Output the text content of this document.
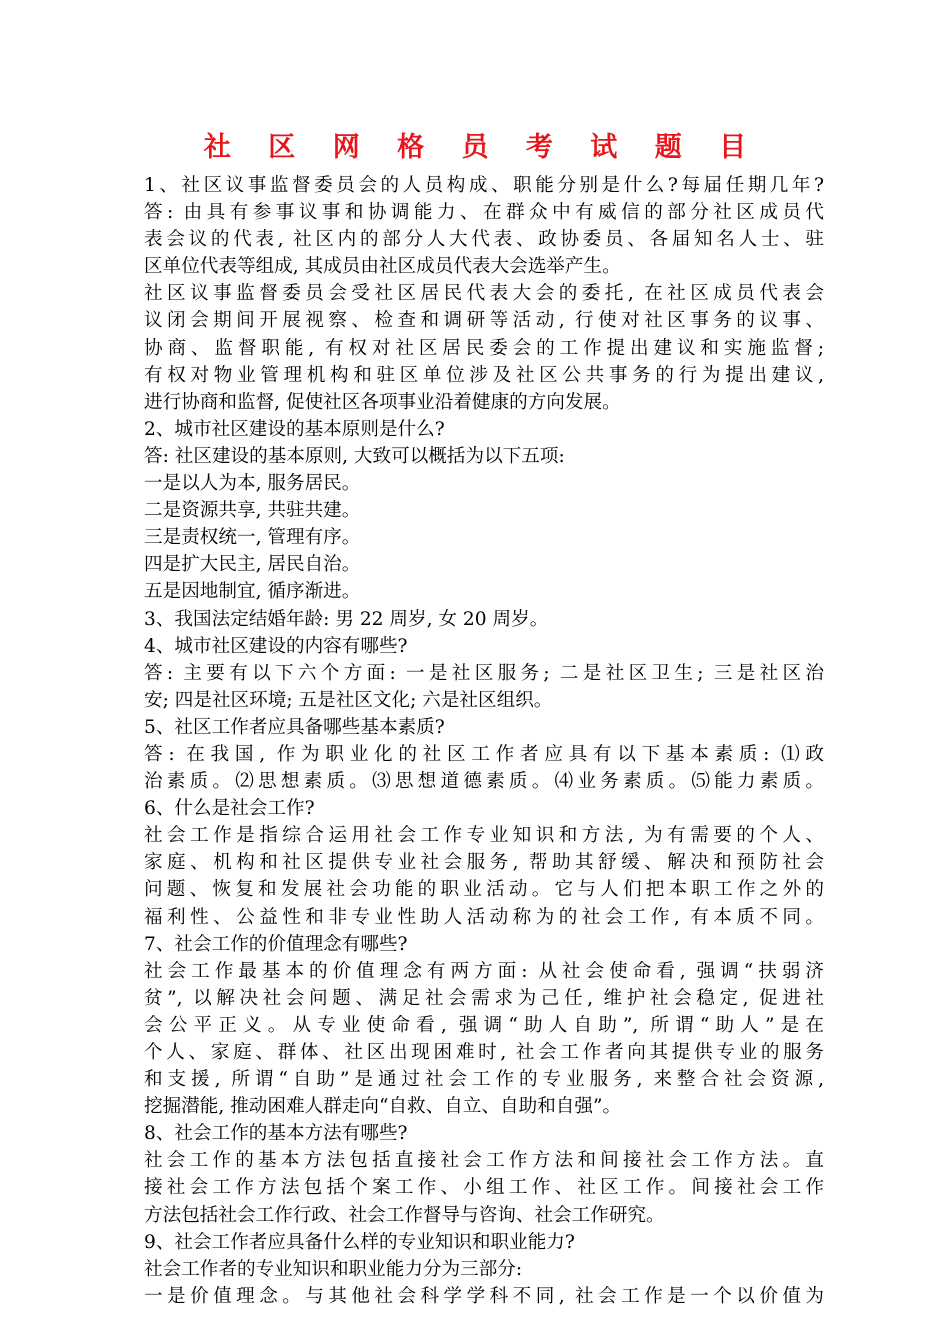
社 区 网 格 员 考 试 题 目
1、社区议事监督委员会的人员构成、职能分别是什么?每届任期几年?
答: 由具有参事议事和协调能力、在群众中有威信的部分社区成员代
表会议的代表, 社区内的部分人大代表、政协委员、各届知名人士、驻
区单位代表等组成, 其成员由社区成员代表大会选举产生。
社区议事监督委员会受社区居民代表大会的委托, 在社区成员代表会
议闭会期间开展视察、检查和调研等活动, 行使对社区事务的议事、
协商、监督职能, 有权对社区居民委会的工作提出建议和实施监督;
有权对物业管理机构和驻区单位涉及社区公共事务的行为提出建议,
进行协商和监督, 促使社区各项事业沿着健康的方向发展。
2、城市社区建设的基本原则是什么?
答: 社区建设的基本原则, 大致可以概括为以下五项:
一是以人为本, 服务居民。
二是资源共享, 共驻共建。
三是责权统一, 管理有序。
四是扩大民主, 居民自治。
五是因地制宜, 循序渐进。
3、我国法定结婚年龄: 男 22 周岁, 女 20 周岁。
4、城市社区建设的内容有哪些?
答: 主要有以下六个方面: 一是社区服务; 二是社区卫生; 三是社区治
安; 四是社区环境; 五是社区文化; 六是社区组织。
5、社区工作者应具备哪些基本素质?
答: 在我国, 作为职业化的社区工作者应具有以下基本素质: ⑴政
治素质。⑵思想素质。⑶思想道德素质。⑷业务素质。⑸能力素质。
6、什么是社会工作?
社会工作是指综合运用社会工作专业知识和方法, 为有需要的个人、
家庭、机构和社区提供专业社会服务, 帮助其舒缓、解决和预防社会
问题、恢复和发展社会功能的职业活动。它与人们把本职工作之外的
福利性、公益性和非专业性助人活动称为的社会工作, 有本质不同。
7、社会工作的价值理念有哪些?
社会工作最基本的价值理念有两方面: 从社会使命看, 强调“扶弱济
贫”, 以解决社会问题、满足社会需求为己任, 维护社会稳定, 促进社
会公平正义。从专业使命看, 强调“助人自助”, 所谓“助人”是在
个人、家庭、群体、社区出现困难时, 社会工作者向其提供专业的服务
和支援, 所谓“自助”是通过社会工作的专业服务, 来整合社会资源,
挖掘潜能, 推动困难人群走向“自救、自立、自助和自强”。
8、社会工作的基本方法有哪些?
社会工作的基本方法包括直接社会工作方法和间接社会工作方法。直
接社会工作方法包括个案工作、小组工作、社区工作。间接社会工作
方法包括社会工作行政、社会工作督导与咨询、社会工作研究。
9、社会工作者应具备什么样的专业知识和职业能力?
社会工作者的专业知识和职业能力分为三部分:
一是价值理念。与其他社会科学学科不同, 社会工作是一个以价值为
